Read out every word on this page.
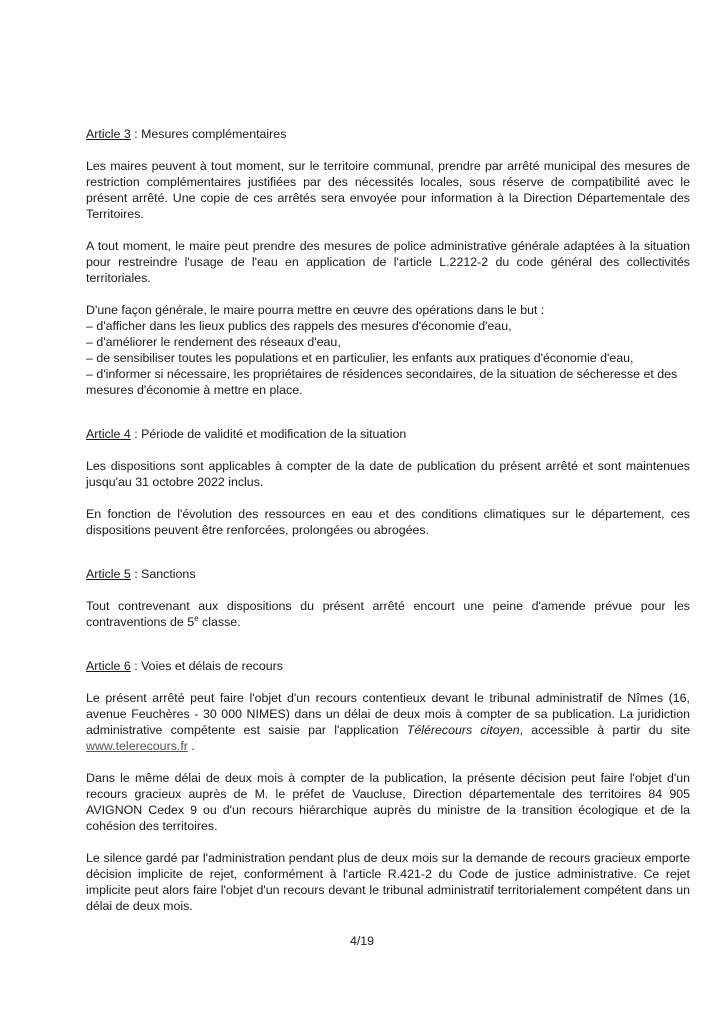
Article 3 : Mesures complémentaires

Les maires peuvent à tout moment, sur le territoire communal, prendre par arrêté municipal des mesures de restriction complémentaires justifiées par des nécessités locales, sous réserve de compatibilité avec le présent arrêté. Une copie de ces arrêtés sera envoyée pour information à la Direction Départementale des Territoires.

A tout moment, le maire peut prendre des mesures de police administrative générale adaptées à la situation pour restreindre l'usage de l'eau en application de l'article L.2212-2 du code général des collectivités territoriales.

D'une façon générale, le maire pourra mettre en œuvre des opérations dans le but :
– d'afficher dans les lieux publics des rappels des mesures d'économie d'eau,
– d'améliorer le rendement des réseaux d'eau,
– de sensibiliser toutes les populations et en particulier, les enfants aux pratiques d'économie d'eau,
– d'informer si nécessaire, les propriétaires de résidences secondaires, de la situation de sécheresse et des mesures d'économie à mettre en place.

Article 4 : Période de validité et modification de la situation

Les dispositions sont applicables à compter de la date de publication du présent arrêté et sont maintenues jusqu'au 31 octobre 2022 inclus.

En fonction de l'évolution des ressources en eau et des conditions climatiques sur le département, ces dispositions peuvent être renforcées, prolongées ou abrogées.

Article 5 : Sanctions

Tout contrevenant aux dispositions du présent arrêté encourt une peine d'amende prévue pour les contraventions de 5e classe.

Article 6 : Voies et délais de recours

Le présent arrêté peut faire l'objet d'un recours contentieux devant le tribunal administratif de Nîmes (16, avenue Feuchères - 30 000 NIMES) dans un délai de deux mois à compter de sa publication. La juridiction administrative compétente est saisie par l'application Télérecours citoyen, accessible à partir du site www.telerecours.fr .

Dans le même délai de deux mois à compter de la publication, la présente décision peut faire l'objet d'un recours gracieux auprès de M. le préfet de Vaucluse, Direction départementale des territoires 84 905 AVIGNON Cedex 9 ou d'un recours hiérarchique auprès du ministre de la transition écologique et de la cohésion des territoires.

Le silence gardé par l'administration pendant plus de deux mois sur la demande de recours gracieux emporte décision implicite de rejet, conformément à l'article R.421-2 du Code de justice administrative. Ce rejet implicite peut alors faire l'objet d'un recours devant le tribunal administratif territorialement compétent dans un délai de deux mois.

4/19
